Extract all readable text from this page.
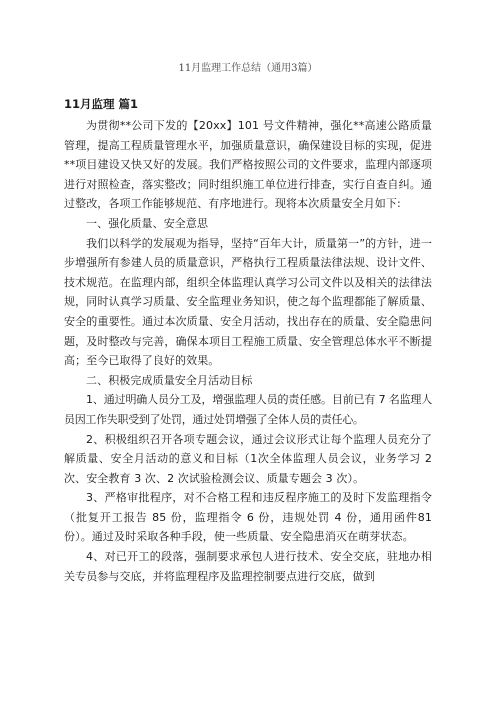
11月监理工作总结（通用3篇）
11月监理 篇1

为贯彻**公司下发的【20xx】101 号文件精神，强化**高速公路质量管理，提高工程质量管理水平，加强质量意识，确保建设目标的实现，促进**项目建设又快又好的发展。我们严格按照公司的文件要求，监理内部逐项进行对照检查，落实整改；同时组织施工单位进行排查，实行自查自纠。通过整改，各项工作能够规范、有序地进行。现将本次质量安全月如下:

一、强化质量、安全意思

我们以科学的发展观为指导，坚持“百年大计，质量第一”的方针，进一步增强所有参建人员的质量意识，严格执行工程质量法律法规、设计文件、技术规范。在监理内部，组织全体监理认真学习公司文件以及相关的法律法规，同时认真学习质量、安全监理业务知识，使之每个监理都能了解质量、安全的重要性。通过本次质量、安全月活动，找出存在的质量、安全隐患问题，及时整改与完善，确保本项目工程施工质量、安全管理总体水平不断提高；至今已取得了良好的效果。

二、积极完成质量安全月活动目标

1、通过明确人员分工及，增强监理人员的责任感。目前已有 7 名监理人员因工作失职受到了处罚，通过处罚增强了全体人员的责任心。

2、积极组织召开各项专题会议，通过会议形式让每个监理人员充分了解质量、安全月活动的意义和目标（1次全体监理人员会议，业务学习 2 次、安全教育 3 次、2 次试验检测会议、质量专题会 3 次）。

3、严格审批程序，对不合格工程和违反程序施工的及时下发监理指令（批复开工报告 85 份，监理指令 6 份，违规处罚 4 份，通用函件81 份）。通过及时采取各种手段，使一些质量、安全隐患消灭在萌芽状态。

4、对已开工的段落，强制要求承包人进行技术、安全交底，驻地办相关专员参与交底，并将监理程序及监理控制要点进行交底，做到
